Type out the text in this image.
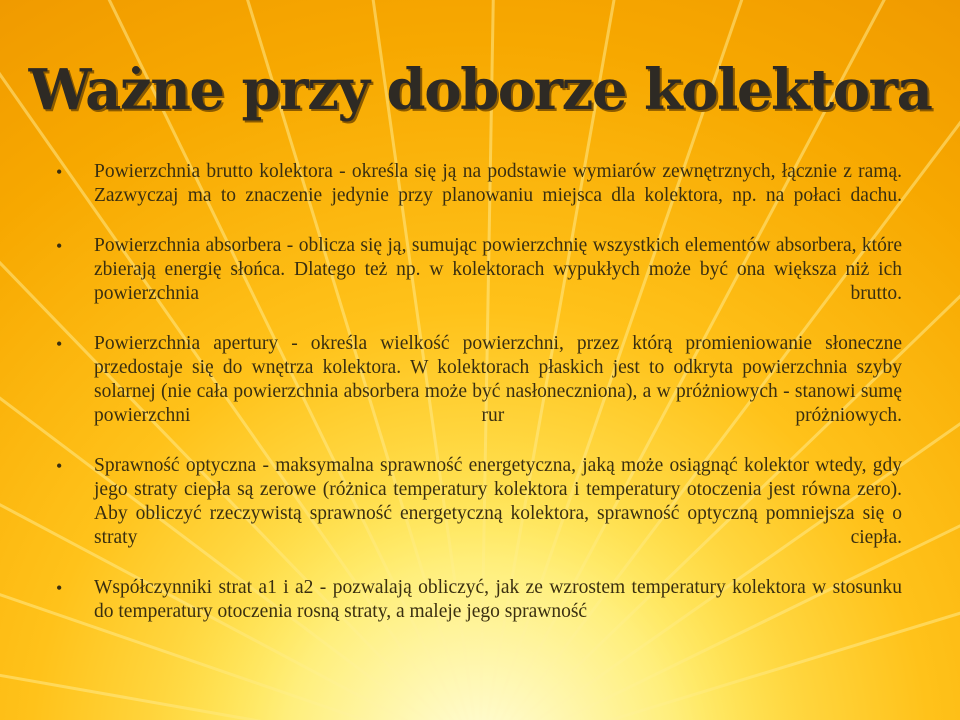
Ważne przy doborze kolektora
• Powierzchnia brutto kolektora - określa się ją na podstawie wymiarów zewnętrznych, łącznie z ramą. Zazwyczaj ma to znaczenie jedynie przy planowaniu miejsca dla kolektora, np. na połaci dachu.
• Powierzchnia absorbera - oblicza się ją, sumując powierzchnię wszystkich elementów absorbera, które zbierają energię słońca. Dlatego też np. w kolektorach wypukłych może być ona większa niż ich powierzchnia brutto.
• Powierzchnia apertury - określa wielkość powierzchni, przez którą promieniowanie słoneczne przedostaje się do wnętrza kolektora. W kolektorach płaskich jest to odkryta powierzchnia szyby solarnej (nie cała powierzchnia absorbera może być nasłoneczniona), a w próżniowych - stanowi sumę powierzchni rur próżniowych.
• Sprawność optyczna - maksymalna sprawność energetyczna, jaką może osiągnąć kolektor wtedy, gdy jego straty ciepła są zerowe (różnica temperatury kolektora i temperatury otoczenia jest równa zero). Aby obliczyć rzeczywistą sprawność energetyczną kolektora, sprawność optyczną pomniejsza się o straty ciepła.
• Współczynniki strat a1 i a2 - pozwalają obliczyć, jak ze wzrostem temperatury kolektora w stosunku do temperatury otoczenia rosną straty, a maleje jego sprawność
